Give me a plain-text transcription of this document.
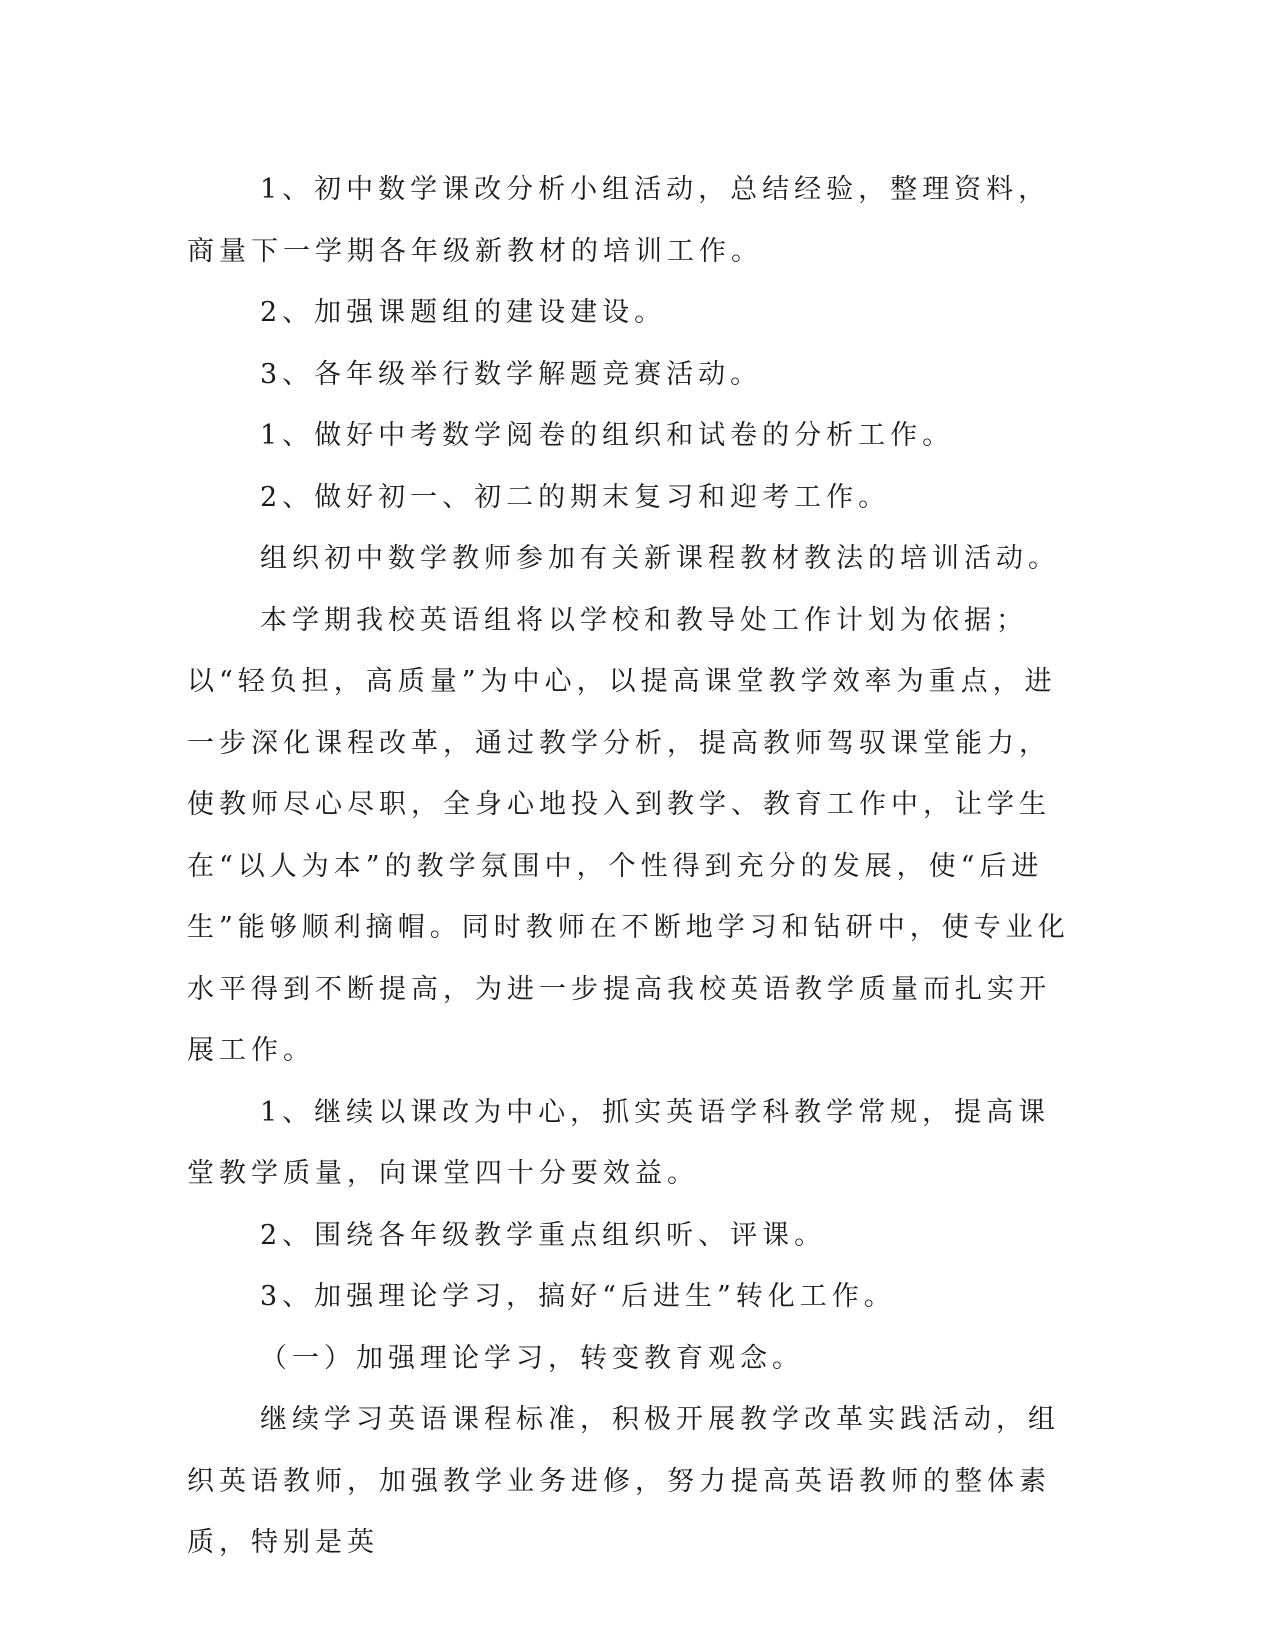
1、初中数学课改分析小组活动，总结经验，整理资料，商量下一学期各年级新教材的培训工作。

2、加强课题组的建设建设。

3、各年级举行数学解题竞赛活动。

1、做好中考数学阅卷的组织和试卷的分析工作。

2、做好初一、初二的期末复习和迎考工作。

组织初中数学教师参加有关新课程教材教法的培训活动。

本学期我校英语组将以学校和教导处工作计划为依据；以“轻负担，高质量”为中心，以提高课堂教学效率为重点，进一步深化课程改革，通过教学分析，提高教师驾驭课堂能力，使教师尽心尽职，全身心地投入到教学、教育工作中，让学生在“以人为本”的教学氛围中，个性得到充分的发展，使“后进生”能够顺利摘帽。同时教师在不断地学习和钻研中，使专业化水平得到不断提高，为进一步提高我校英语教学质量而扎实开展工作。

1、继续以课改为中心，抓实英语学科教学常规，提高课堂教学质量，向课堂四十分要效益。

2、围绕各年级教学重点组织听、评课。

3、加强理论学习，搞好“后进生”转化工作。

（一）加强理论学习，转变教育观念。

继续学习英语课程标准，积极开展教学改革实践活动，组织英语教师，加强教学业务进修，努力提高英语教师的整体素质，特别是英
